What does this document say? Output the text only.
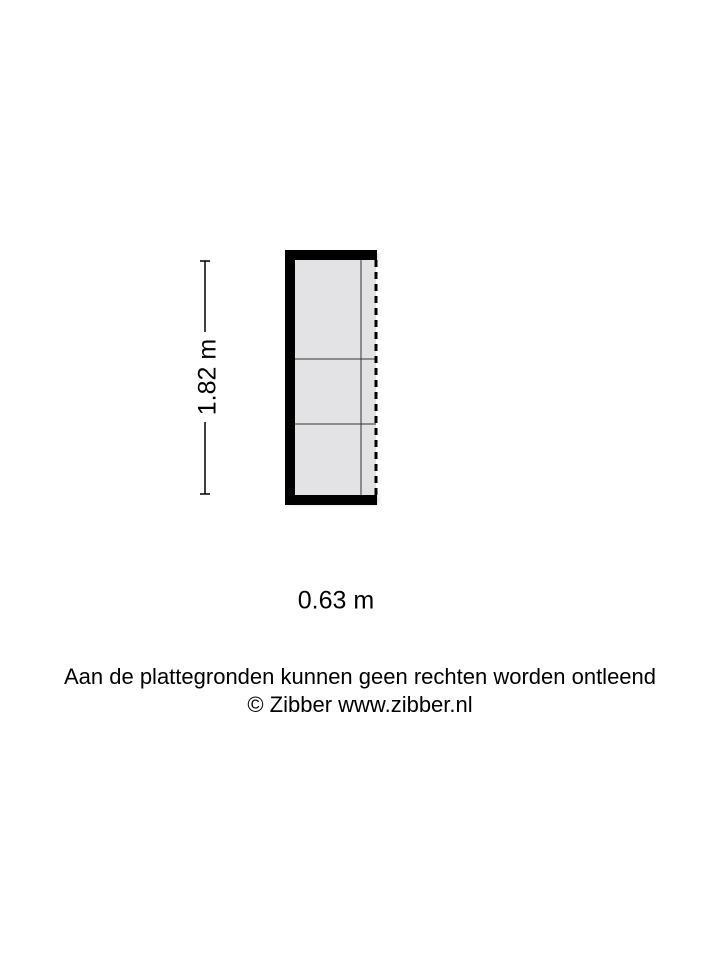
1.82 m
0.63 m
Aan de plattegronden kunnen geen rechten worden ontleend
© Zibber www.zibber.nl
